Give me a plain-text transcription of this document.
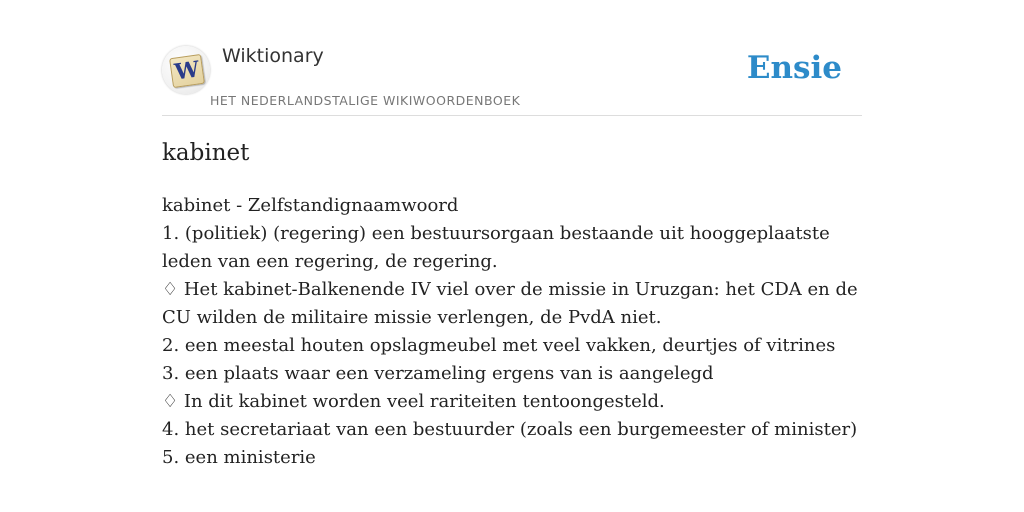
W
Wiktionary
HET NEDERLANDSTALIGE WIKIWOORDENBOEK
Ensie
kabinet
kabinet - Zelfstandignaamwoord
1. (politiek) (regering) een bestuursorgaan bestaande uit hooggeplaatste leden van een regering, de regering.
♢ Het kabinet-Balkenende IV viel over de missie in Uruzgan: het CDA en de CU wilden de militaire missie verlengen, de PvdA niet.
2. een meestal houten opslagmeubel met veel vakken, deurtjes of vitrines
3. een plaats waar een verzameling ergens van is aangelegd
♢ In dit kabinet worden veel rariteiten tentoongesteld.
4. het secretariaat van een bestuurder (zoals een burgemeester of minister)
5. een ministerie
